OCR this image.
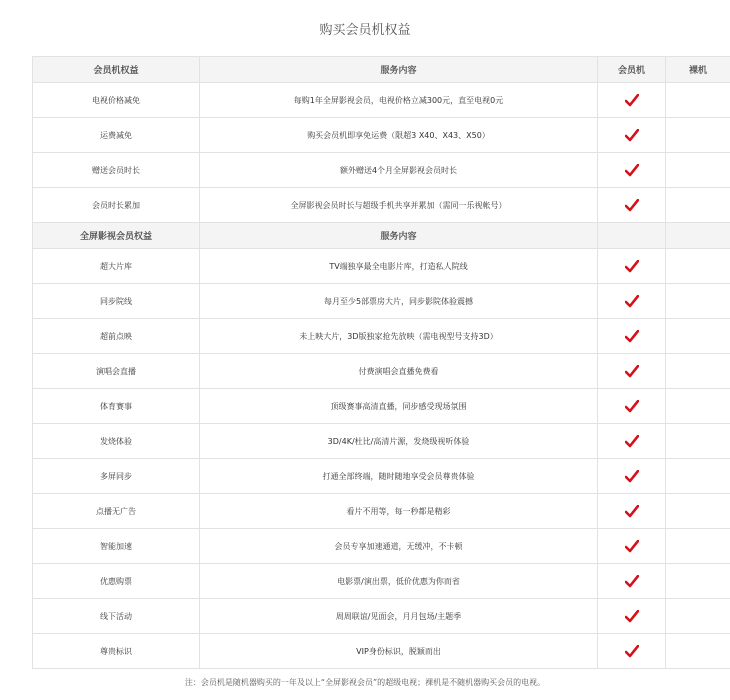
购买会员机权益
会员机权益	服务内容	会员机	裸机
电视价格减免	每购1年全屏影视会员，电视价格立减300元，直至电视0元		
运费减免	购买会员机即享免运费（限超3 X40、X43、X50）		
赠送会员时长	额外赠送4个月全屏影视会员时长		
会员时长累加	全屏影视会员时长与超级手机共享并累加（需同一乐视帐号）		
全屏影视会员权益	服务内容		
超大片库	TV端独享最全电影片库，打造私人院线		
同步院线	每月至少5部票房大片，同步影院体验震撼		
超前点映	未上映大片，3D版独家抢先放映（需电视型号支持3D）		
演唱会直播	付费演唱会直播免费看		
体育赛事	顶级赛事高清直播，同步感受现场氛围		
发烧体验	3D/4K/杜比/高清片源，发烧级视听体验		
多屏同步	打通全部终端，随时随地享受会员尊贵体验		
点播无广告	看片不用等，每一秒都是精彩		
智能加速	会员专享加速通道，无缓冲，不卡顿		
优惠购票	电影票/演出票，低价优惠为你而省		
线下活动	周周联谊/见面会，月月包场/主题季		
尊贵标识	VIP身份标识，脱颖而出		
注：会员机是随机器购买的一年及以上“全屏影视会员”的超级电视；裸机是不随机器购买会员的电视。
